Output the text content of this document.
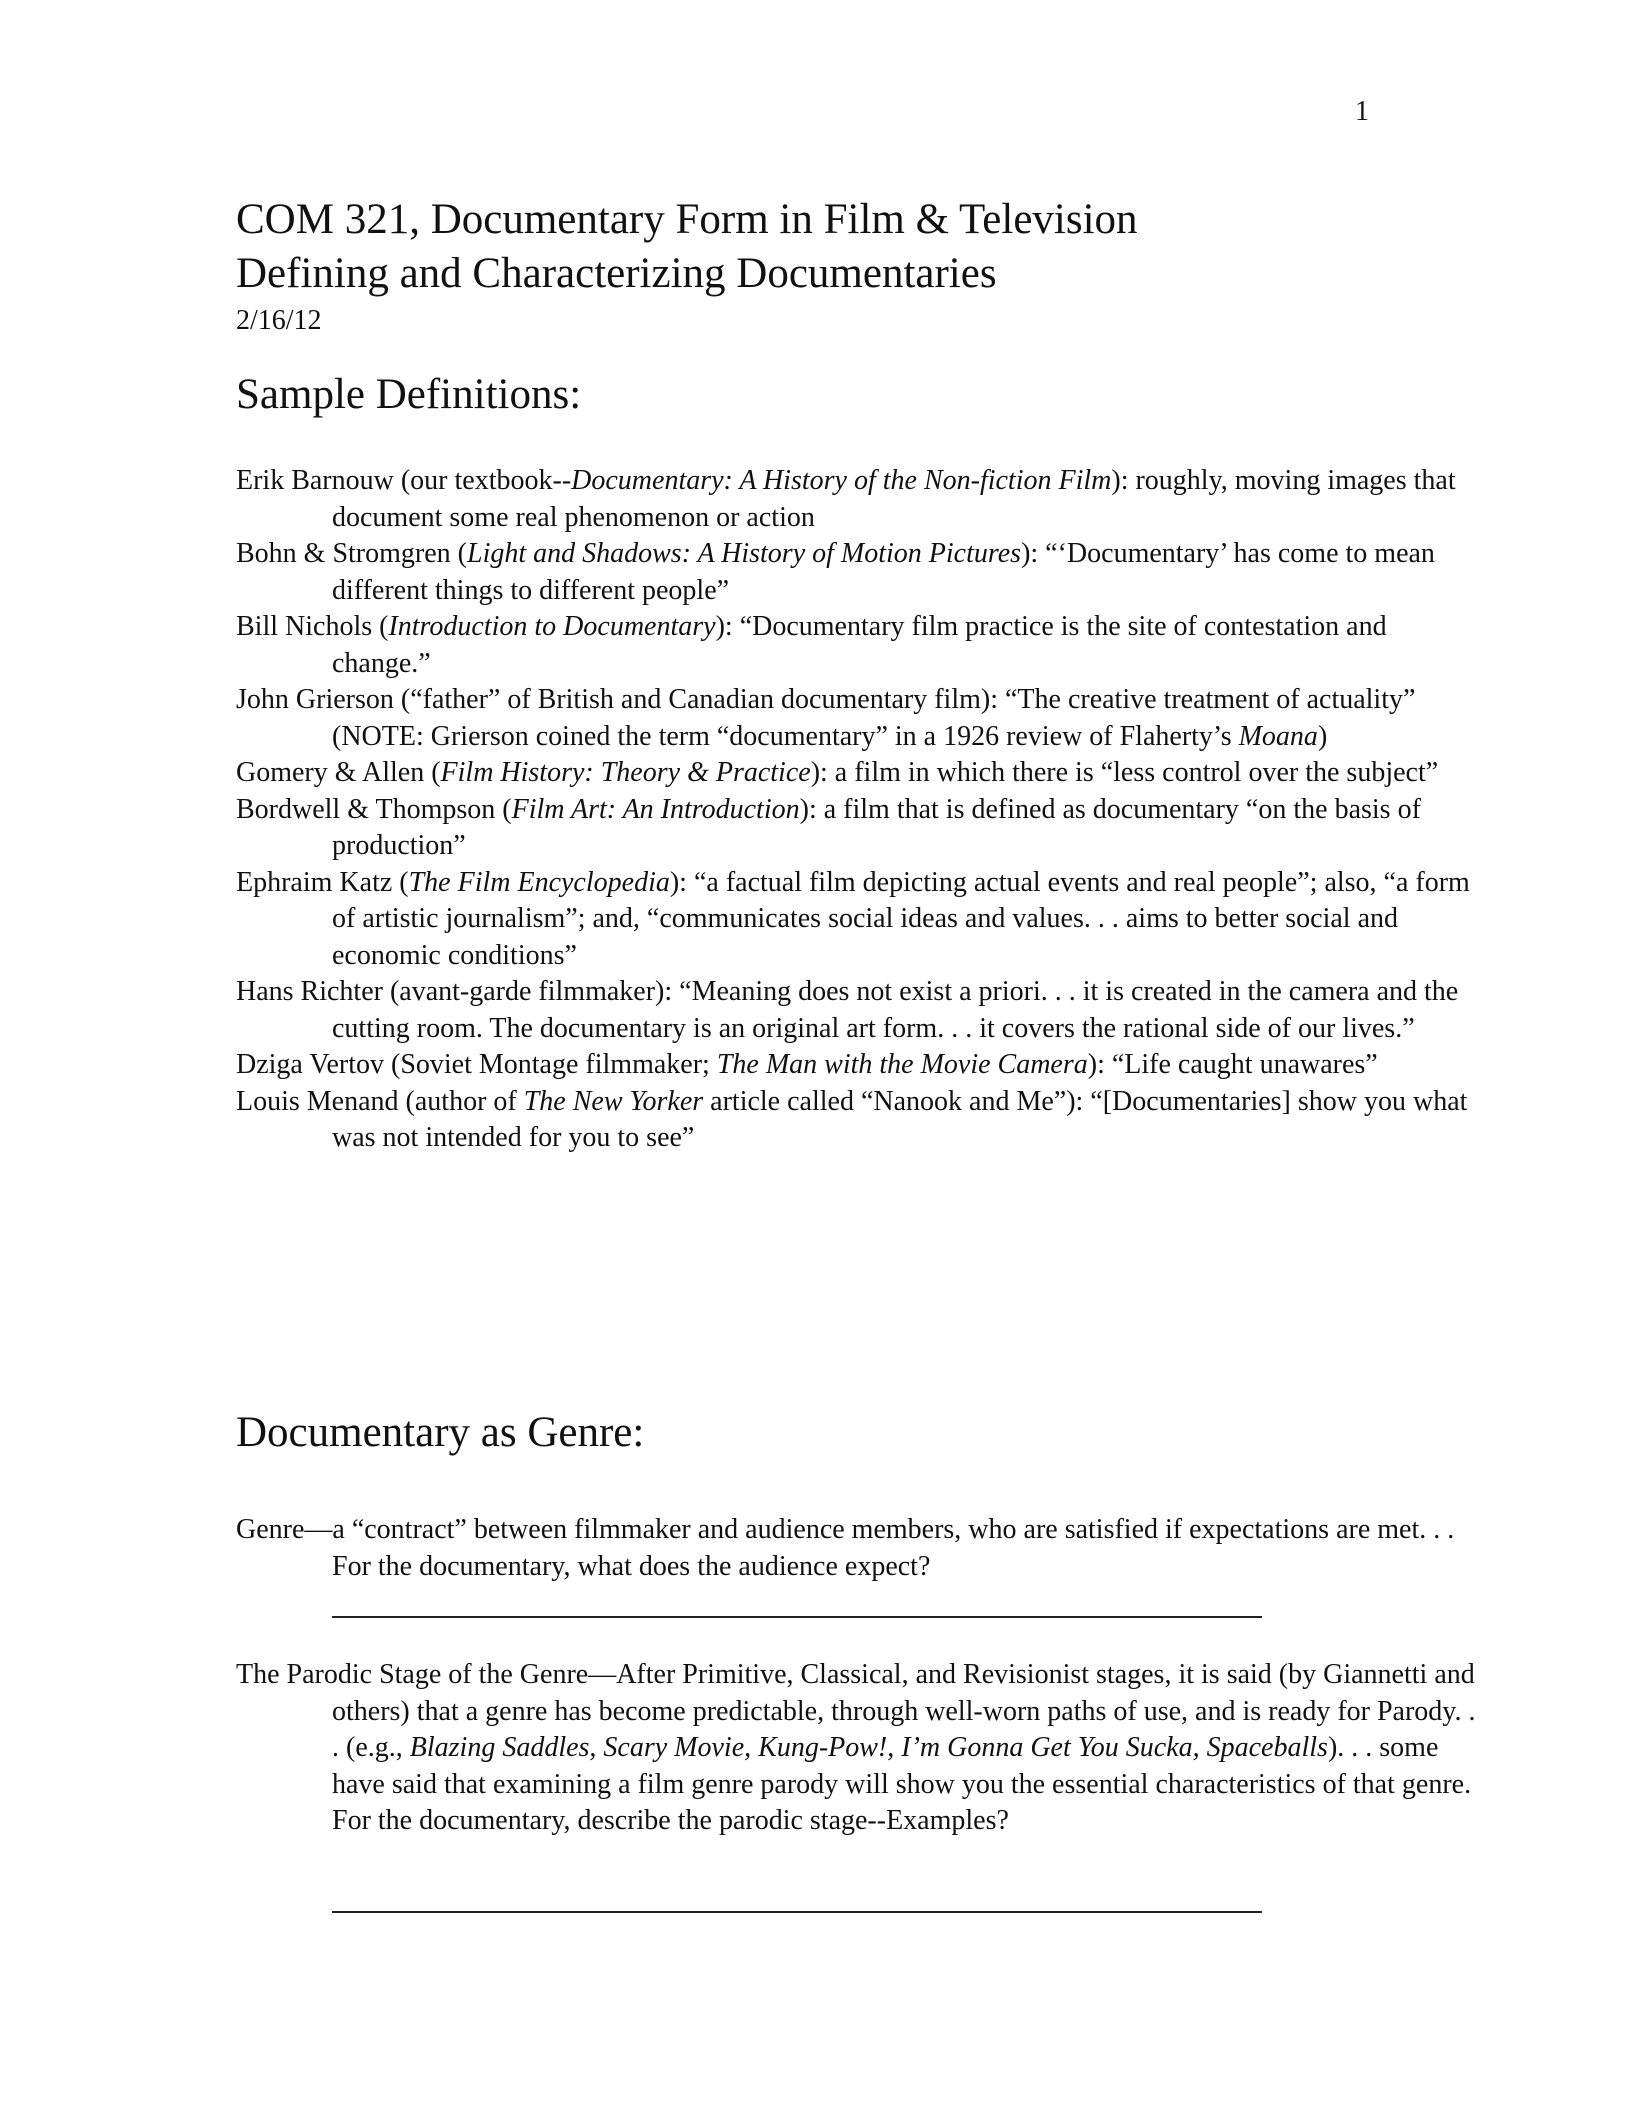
1
COM 321, Documentary Form in Film & Television
Defining and Characterizing Documentaries
2/16/12
Sample Definitions:
Erik Barnouw (our textbook--Documentary: A History of the Non-fiction Film): roughly, moving images that document some real phenomenon or action
Bohn & Stromgren (Light and Shadows: A History of Motion Pictures): “‘Documentary’ has come to mean different things to different people”
Bill Nichols (Introduction to Documentary): “Documentary film practice is the site of contestation and change.”
John Grierson (“father” of British and Canadian documentary film): “The creative treatment of actuality” (NOTE: Grierson coined the term “documentary” in a 1926 review of Flaherty’s Moana)
Gomery & Allen (Film History: Theory & Practice): a film in which there is “less control over the subject”
Bordwell & Thompson (Film Art: An Introduction): a film that is defined as documentary “on the basis of production”
Ephraim Katz (The Film Encyclopedia): “a factual film depicting actual events and real people”; also, “a form of artistic journalism”; and, “communicates social ideas and values. . . aims to better social and economic conditions”
Hans Richter (avant-garde filmmaker): “Meaning does not exist a priori. . . it is created in the camera and the cutting room. The documentary is an original art form. . . it covers the rational side of our lives.”
Dziga Vertov (Soviet Montage filmmaker; The Man with the Movie Camera): “Life caught unawares”
Louis Menand (author of The New Yorker article called “Nanook and Me”): “[Documentaries] show you what was not intended for you to see”
Documentary as Genre:
Genre—a “contract” between filmmaker and audience members, who are satisfied if expectations are met. . . For the documentary, what does the audience expect?
The Parodic Stage of the Genre—After Primitive, Classical, and Revisionist stages, it is said (by Giannetti and others) that a genre has become predictable, through well-worn paths of use, and is ready for Parody. . . (e.g., Blazing Saddles, Scary Movie, Kung-Pow!, I’m Gonna Get You Sucka, Spaceballs). . . some have said that examining a film genre parody will show you the essential characteristics of that genre.
For the documentary, describe the parodic stage--Examples?
